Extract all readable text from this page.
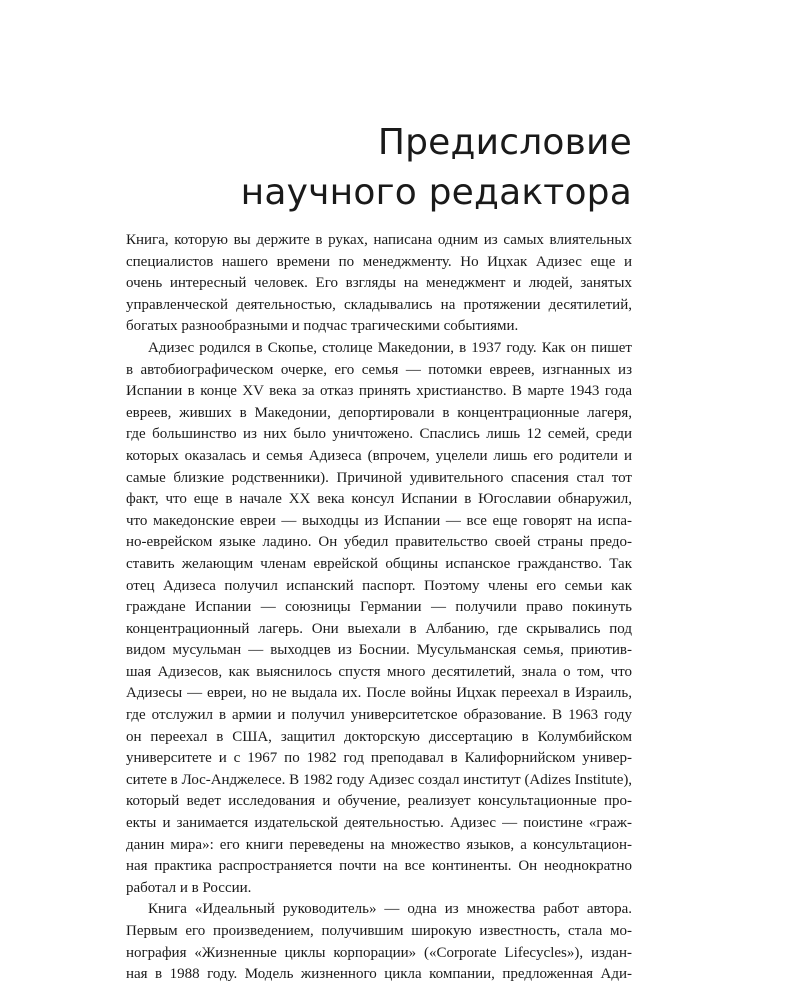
Предисловие
научного редактора
Книга, которую вы держите в руках, написана одним из самых влиятельных
специалистов нашего времени по менеджменту. Но Ицхак Адизес еще и
очень интересный человек. Его взгляды на менеджмент и людей, занятых
управленческой деятельностью, складывались на протяжении десятилетий,
богатых разнообразными и подчас трагическими событиями.
Адизес родился в Скопье, столице Македонии, в 1937 году. Как он пишет
в автобиографическом очерке, его семья — потомки евреев, изгнанных из
Испании в конце XV века за отказ принять христианство. В марте 1943 года
евреев, живших в Македонии, депортировали в концентрационные лагеря,
где большинство из них было уничтожено. Спаслись лишь 12 семей, среди
которых оказалась и семья Адизеса (впрочем, уцелели лишь его родители и
самые близкие родственники). Причиной удивительного спасения стал тот
факт, что еще в начале XX века консул Испании в Югославии обнаружил,
что македонские евреи — выходцы из Испании — все еще говорят на испа-
но-еврейском языке ладино. Он убедил правительство своей страны предо-
ставить желающим членам еврейской общины испанское гражданство. Так
отец Адизеса получил испанский паспорт. Поэтому члены его семьи как
граждане Испании — союзницы Германии — получили право покинуть
концентрационный лагерь. Они выехали в Албанию, где скрывались под
видом мусульман — выходцев из Боснии. Мусульманская семья, приютив-
шая Адизесов, как выяснилось спустя много десятилетий, знала о том, что
Адизесы — евреи, но не выдала их. После войны Ицхак переехал в Израиль,
где отслужил в армии и получил университетское образование. В 1963 году
он переехал в США, защитил докторскую диссертацию в Колумбийском
университете и с 1967 по 1982 год преподавал в Калифорнийском универ-
ситете в Лос-Анджелесе. В 1982 году Адизес создал институт (Adizes Institute),
который ведет исследования и обучение, реализует консультационные про-
екты и занимается издательской деятельностью. Адизес — поистине «граж-
данин мира»: его книги переведены на множество языков, а консультацион-
ная практика распространяется почти на все континенты. Он неоднократно
работал и в России.
Книга «Идеальный руководитель» — одна из множества работ автора.
Первым его произведением, получившим широкую известность, стала мо-
нография «Жизненные циклы корпорации» («Corporate Lifecycles»), издан-
ная в 1988 году. Модель жизненного цикла компании, предложенная Ади-
